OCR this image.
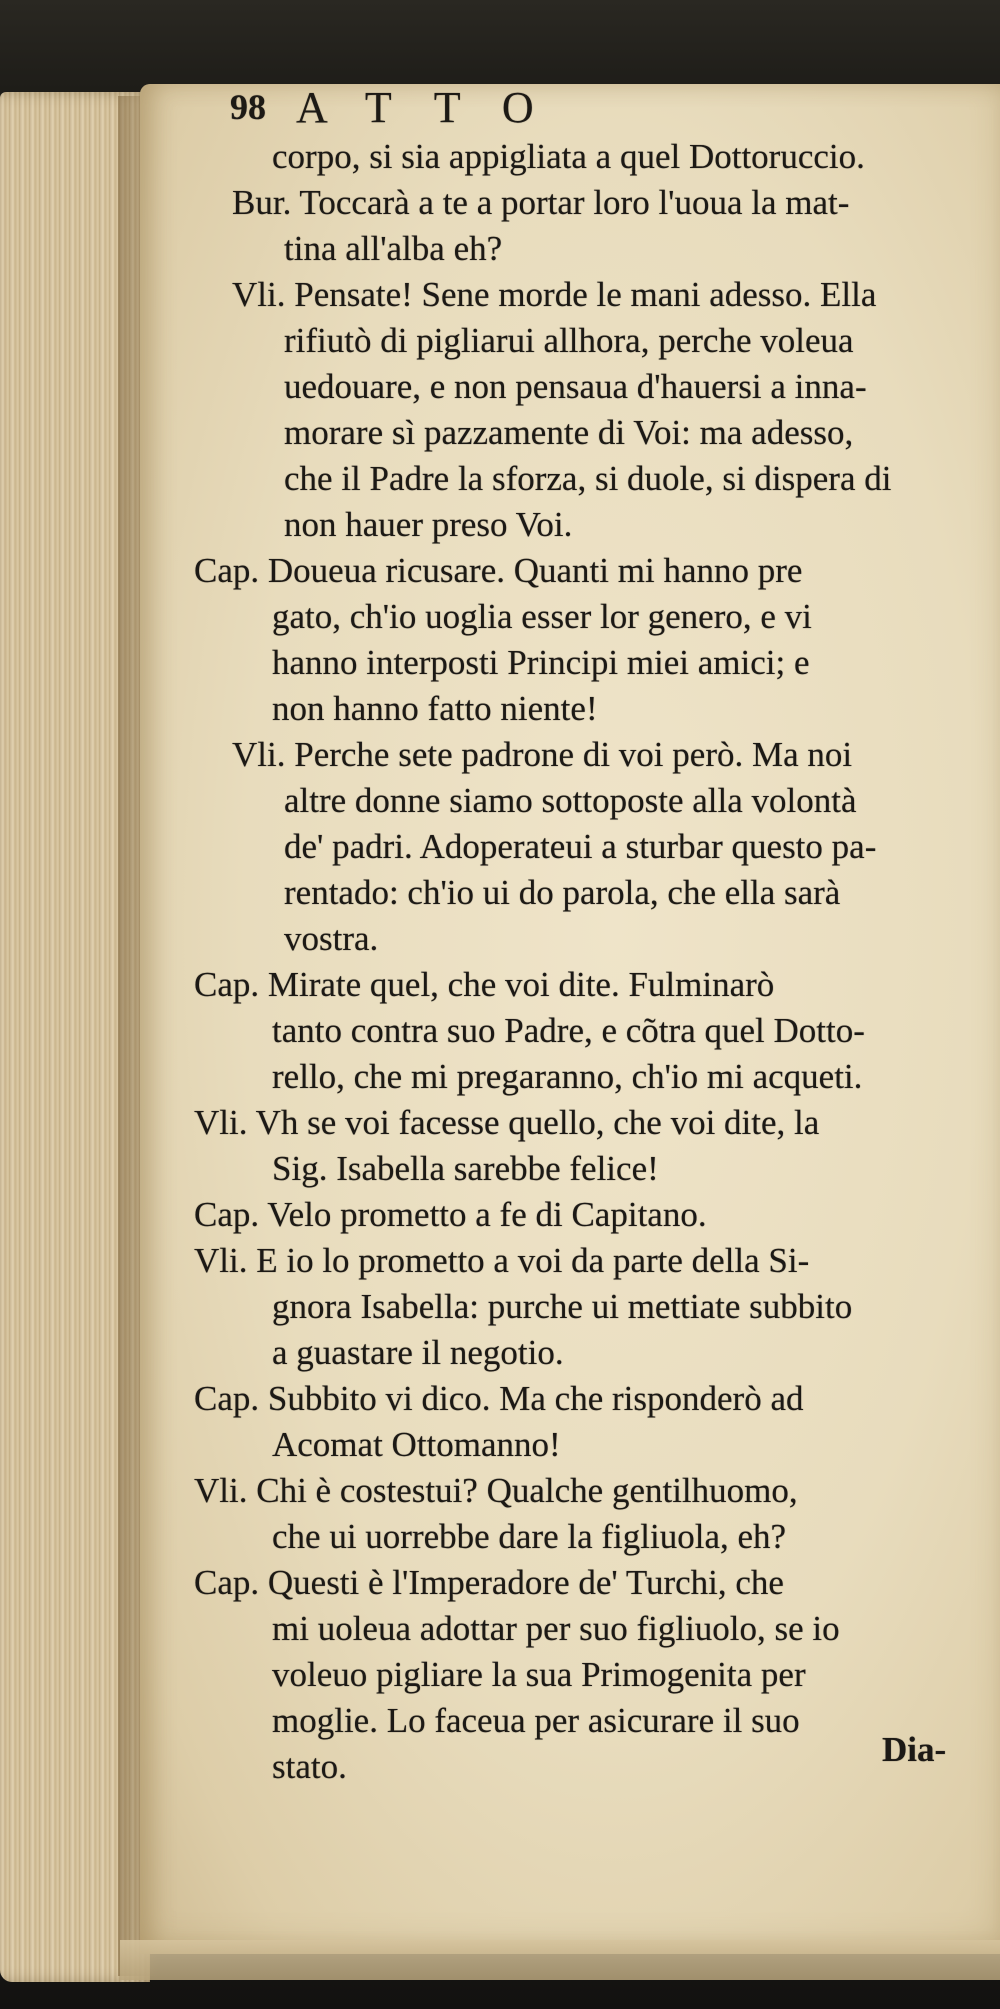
98 ATTO
corpo, si sia appigliata a quel Dottoruccio.
Bur. Toccarà a te a portar loro l'uoua la mat-
tina all'alba eh?
Vli. Pensate! Sene morde le mani adesso. Ella
rifiutò di pigliarui allhora, perche voleua
uedouare, e non pensaua d'hauersi a inna-
morare sì pazzamente di Voi: ma adesso,
che il Padre la sforza, si duole, si dispera di
non hauer preso Voi.
Cap. Doueua ricusare. Quanti mi hanno pre
gato, ch'io uoglia esser lor genero, e vi
hanno interposti Principi miei amici; e
non hanno fatto niente!
Vli. Perche sete padrone di voi però. Ma noi
altre donne siamo sottoposte alla volontà
de' padri. Adoperateui a sturbar questo pa-
rentado: ch'io ui do parola, che ella sarà
vostra.
Cap. Mirate quel, che voi dite. Fulminarò
tanto contra suo Padre, e cõtra quel Dotto-
rello, che mi pregaranno, ch'io mi acqueti.
Vli. Vh se voi facesse quello, che voi dite, la
Sig. Isabella sarebbe felice!
Cap. Velo prometto a fe di Capitano.
Vli. E io lo prometto a voi da parte della Si-
gnora Isabella: purche ui mettiate subbito
a guastare il negotio.
Cap. Subbito vi dico. Ma che risponderò ad
Acomat Ottomanno!
Vli. Chi è costestui? Qualche gentilhuomo,
che ui uorrebbe dare la figliuola, eh?
Cap. Questi è l'Imperadore de' Turchi, che
mi uoleua adottar per suo figliuolo, se io
voleuo pigliare la sua Primogenita per
moglie. Lo faceua per asicurare il suo
stato.	Dia-
